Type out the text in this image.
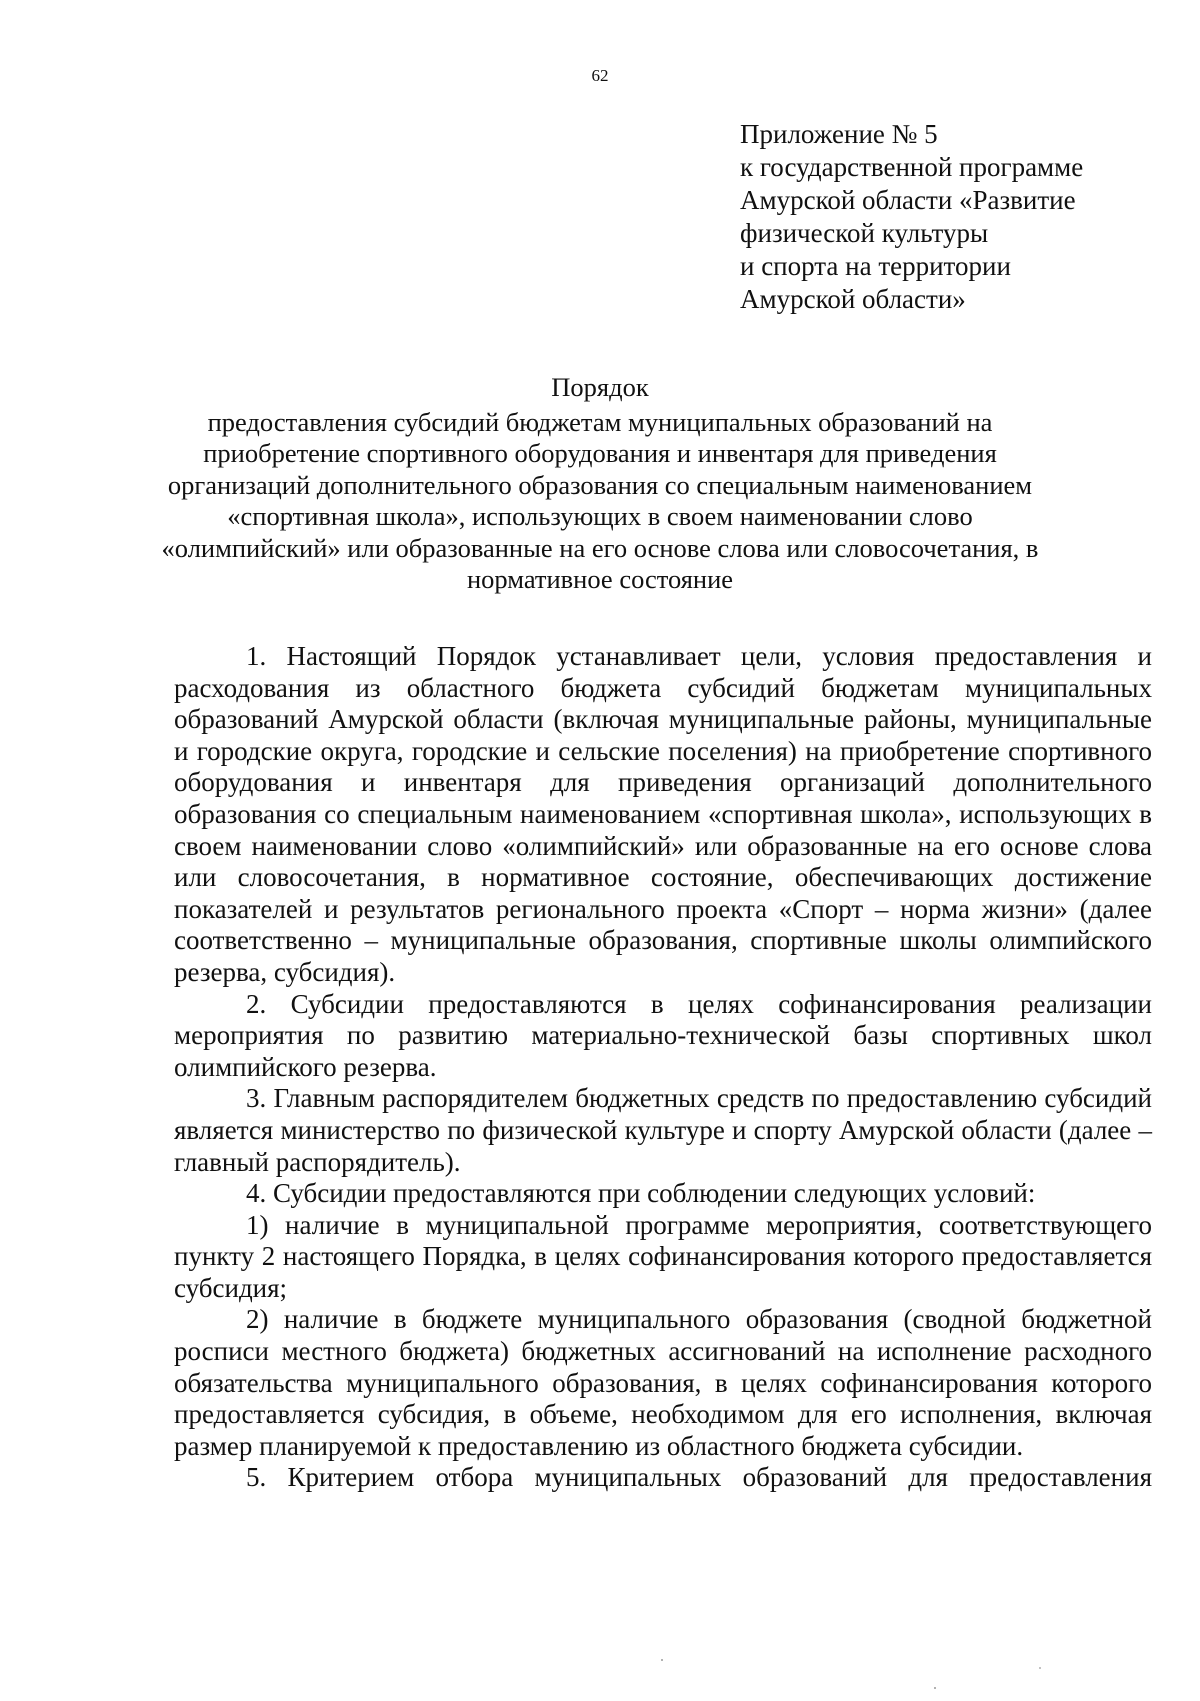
62
Приложение № 5
к государственной программе
Амурской области «Развитие
физической культуры
и спорта на территории
Амурской области»
Порядок
предоставления субсидий бюджетам муниципальных образований на
приобретение спортивного оборудования и инвентаря для приведения
организаций дополнительного образования со специальным наименованием
«спортивная школа», использующих в своем наименовании слово
«олимпийский» или образованные на его основе слова или словосочетания, в
нормативное состояние

1. Настоящий Порядок устанавливает цели, условия предоставления и расходования из областного бюджета субсидий бюджетам муниципальных образований Амурской области (включая муниципальные районы, муниципальные и городские округа, городские и сельские поселения) на приобретение спортивного оборудования и инвентаря для приведения организаций дополнительного образования со специальным наименованием «спортивная школа», использующих в своем наименовании слово «олимпийский» или образованные на его основе слова или словосочетания, в нормативное состояние, обеспечивающих достижение показателей и результатов регионального проекта «Спорт – норма жизни» (далее соответственно – муниципальные образования, спортивные школы олимпийского резерва, субсидия).

2. Субсидии предоставляются в целях софинансирования реализации мероприятия по развитию материально-технической базы спортивных школ олимпийского резерва.

3. Главным распорядителем бюджетных средств по предоставлению субсидий является министерство по физической культуре и спорту Амурской области (далее – главный распорядитель).

4. Субсидии предоставляются при соблюдении следующих условий:

1) наличие в муниципальной программе мероприятия, соответствующего пункту 2 настоящего Порядка, в целях софинансирования которого предоставляется субсидия;

2) наличие в бюджете муниципального образования (сводной бюджетной росписи местного бюджета) бюджетных ассигнований на исполнение расходного обязательства муниципального образования, в целях софинансирования которого предоставляется субсидия, в объеме, необходимом для его исполнения, включая размер планируемой к предоставлению из областного бюджета субсидии.

5. Критерием отбора муниципальных образований для предоставления
